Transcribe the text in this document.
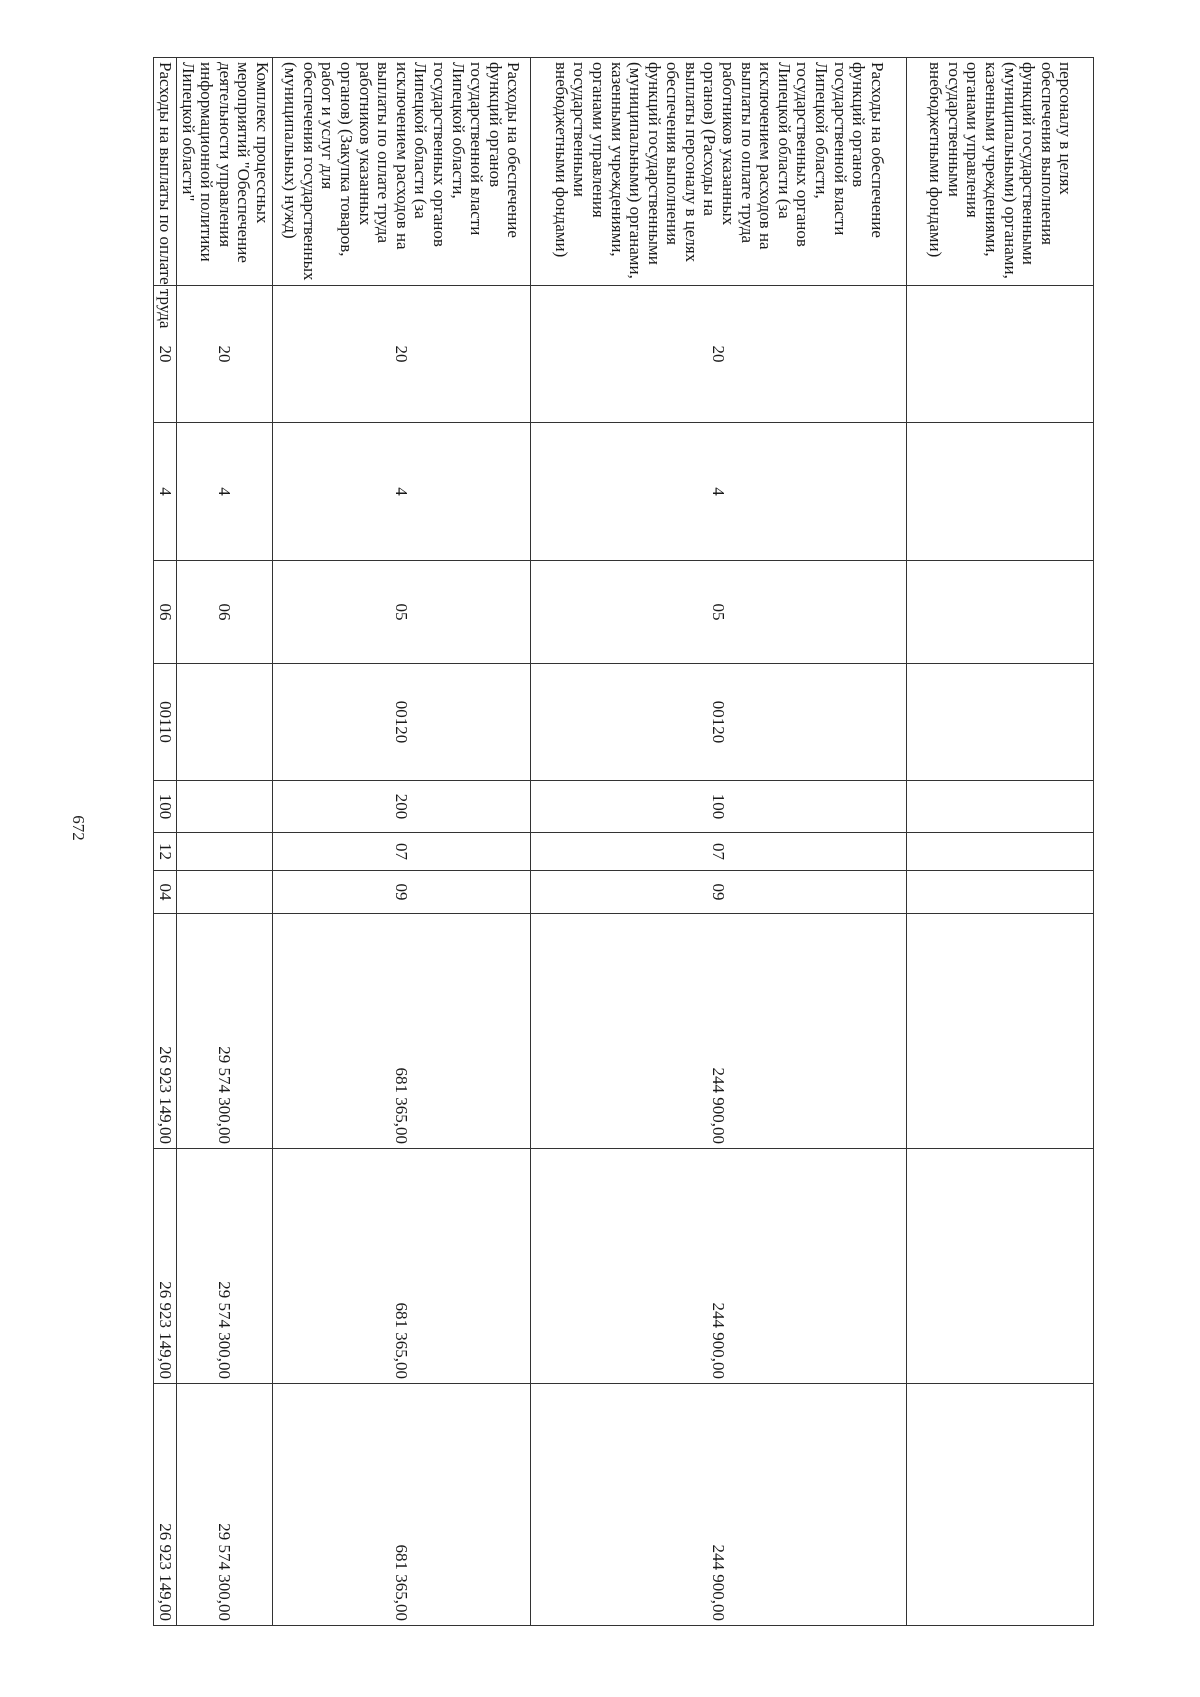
672
персоналу в целях обеспечения выполнения функций государственными (муниципальными) органами, казенными учреждениями, органами управления государственными внебюджетными фондами)										
Расходы на обеспечение функций органов государственной власти Липецкой области, государственных органов Липецкой области (за исключением расходов на выплаты по оплате труда работников указанных органов) (Расходы на выплаты персоналу в целях обеспечения выполнения функций государственными (муниципальными) органами, казенными учреждениями, органами управления государственными внебюджетными фондами)	20	4	05	00120	100	07	09	244 900,00	244 900,00	244 900,00
Расходы на обеспечение функций органов государственной власти Липецкой области, государственных органов Липецкой области (за исключением расходов на выплаты по оплате труда работников указанных органов) (Закупка товаров, работ и услуг для обеспечения государственных (муниципальных) нужд)	20	4	05	00120	200	07	09	681 365,00	681 365,00	681 365,00
Комплекс процессных мероприятий "Обеспечение деятельности управления информационной политики Липецкой области"	20	4	06					29 574 300,00	29 574 300,00	29 574 300,00
Расходы на выплаты по оплате труда	20	4	06	00110	100	12	04	26 923 149,00	26 923 149,00	26 923 149,00
